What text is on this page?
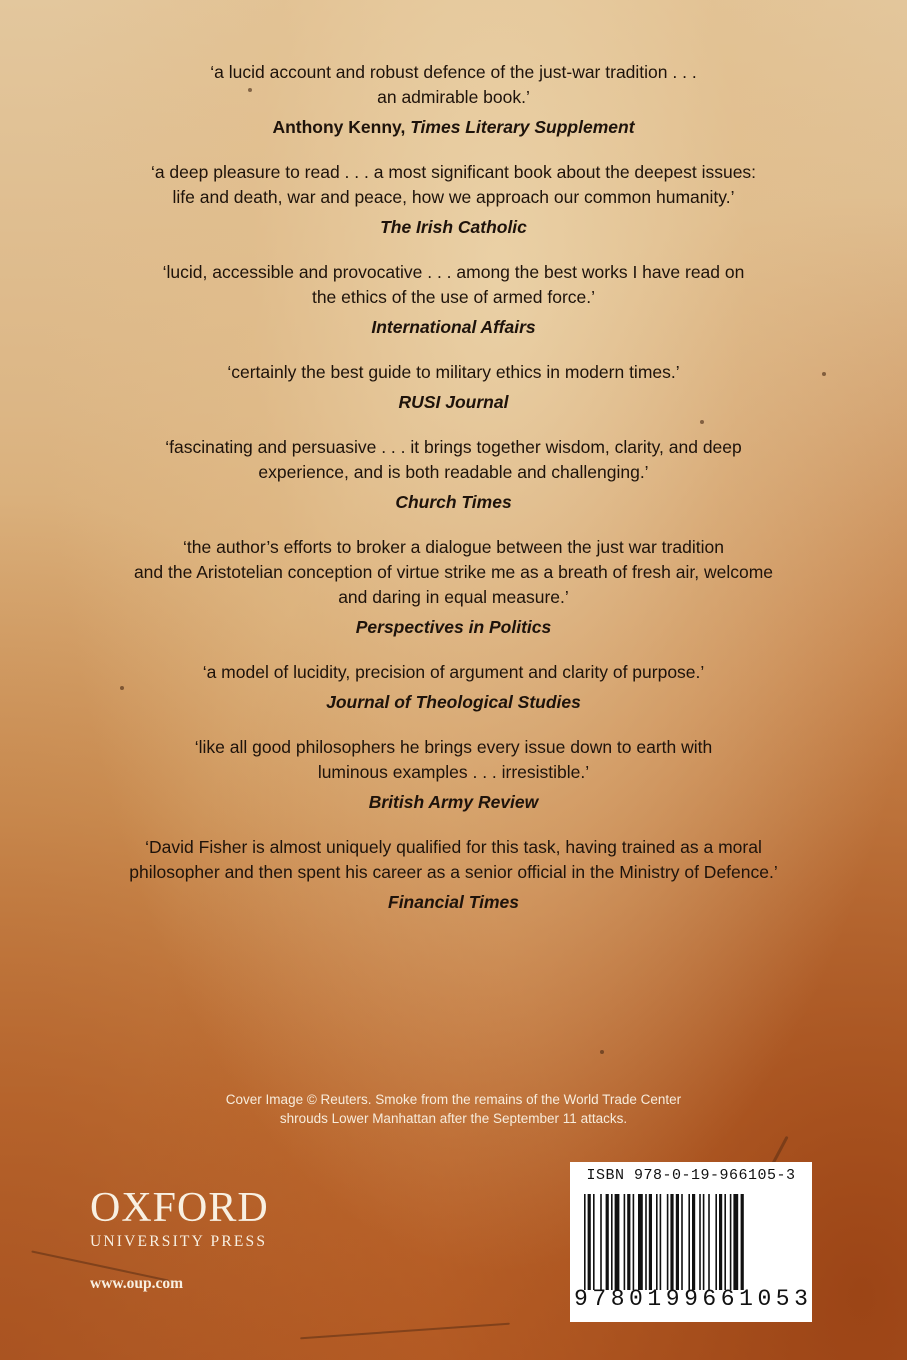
‘a lucid account and robust defence of the just-war tradition . . .
an admirable book.’
Anthony Kenny, Times Literary Supplement
‘a deep pleasure to read . . . a most significant book about the deepest issues:
life and death, war and peace, how we approach our common humanity.’
The Irish Catholic
‘lucid, accessible and provocative . . . among the best works I have read on
the ethics of the use of armed force.’
International Affairs
‘certainly the best guide to military ethics in modern times.’
RUSI Journal
‘fascinating and persuasive . . . it brings together wisdom, clarity, and deep
experience, and is both readable and challenging.’
Church Times
‘the author’s efforts to broker a dialogue between the just war tradition
and the Aristotelian conception of virtue strike me as a breath of fresh air, welcome
and daring in equal measure.’
Perspectives in Politics
‘a model of lucidity, precision of argument and clarity of purpose.’
Journal of Theological Studies
‘like all good philosophers he brings every issue down to earth with
luminous examples . . . irresistible.’
British Army Review
‘David Fisher is almost uniquely qualified for this task, having trained as a moral
philosopher and then spent his career as a senior official in the Ministry of Defence.’
Financial Times
Cover Image © Reuters. Smoke from the remains of the World Trade Center
shrouds Lower Manhattan after the September 11 attacks.
OXFORD
UNIVERSITY PRESS
www.oup.com
ISBN 978-0-19-966105-3
9 7 8 0 1 9 9 6 6 1 0 5 3
